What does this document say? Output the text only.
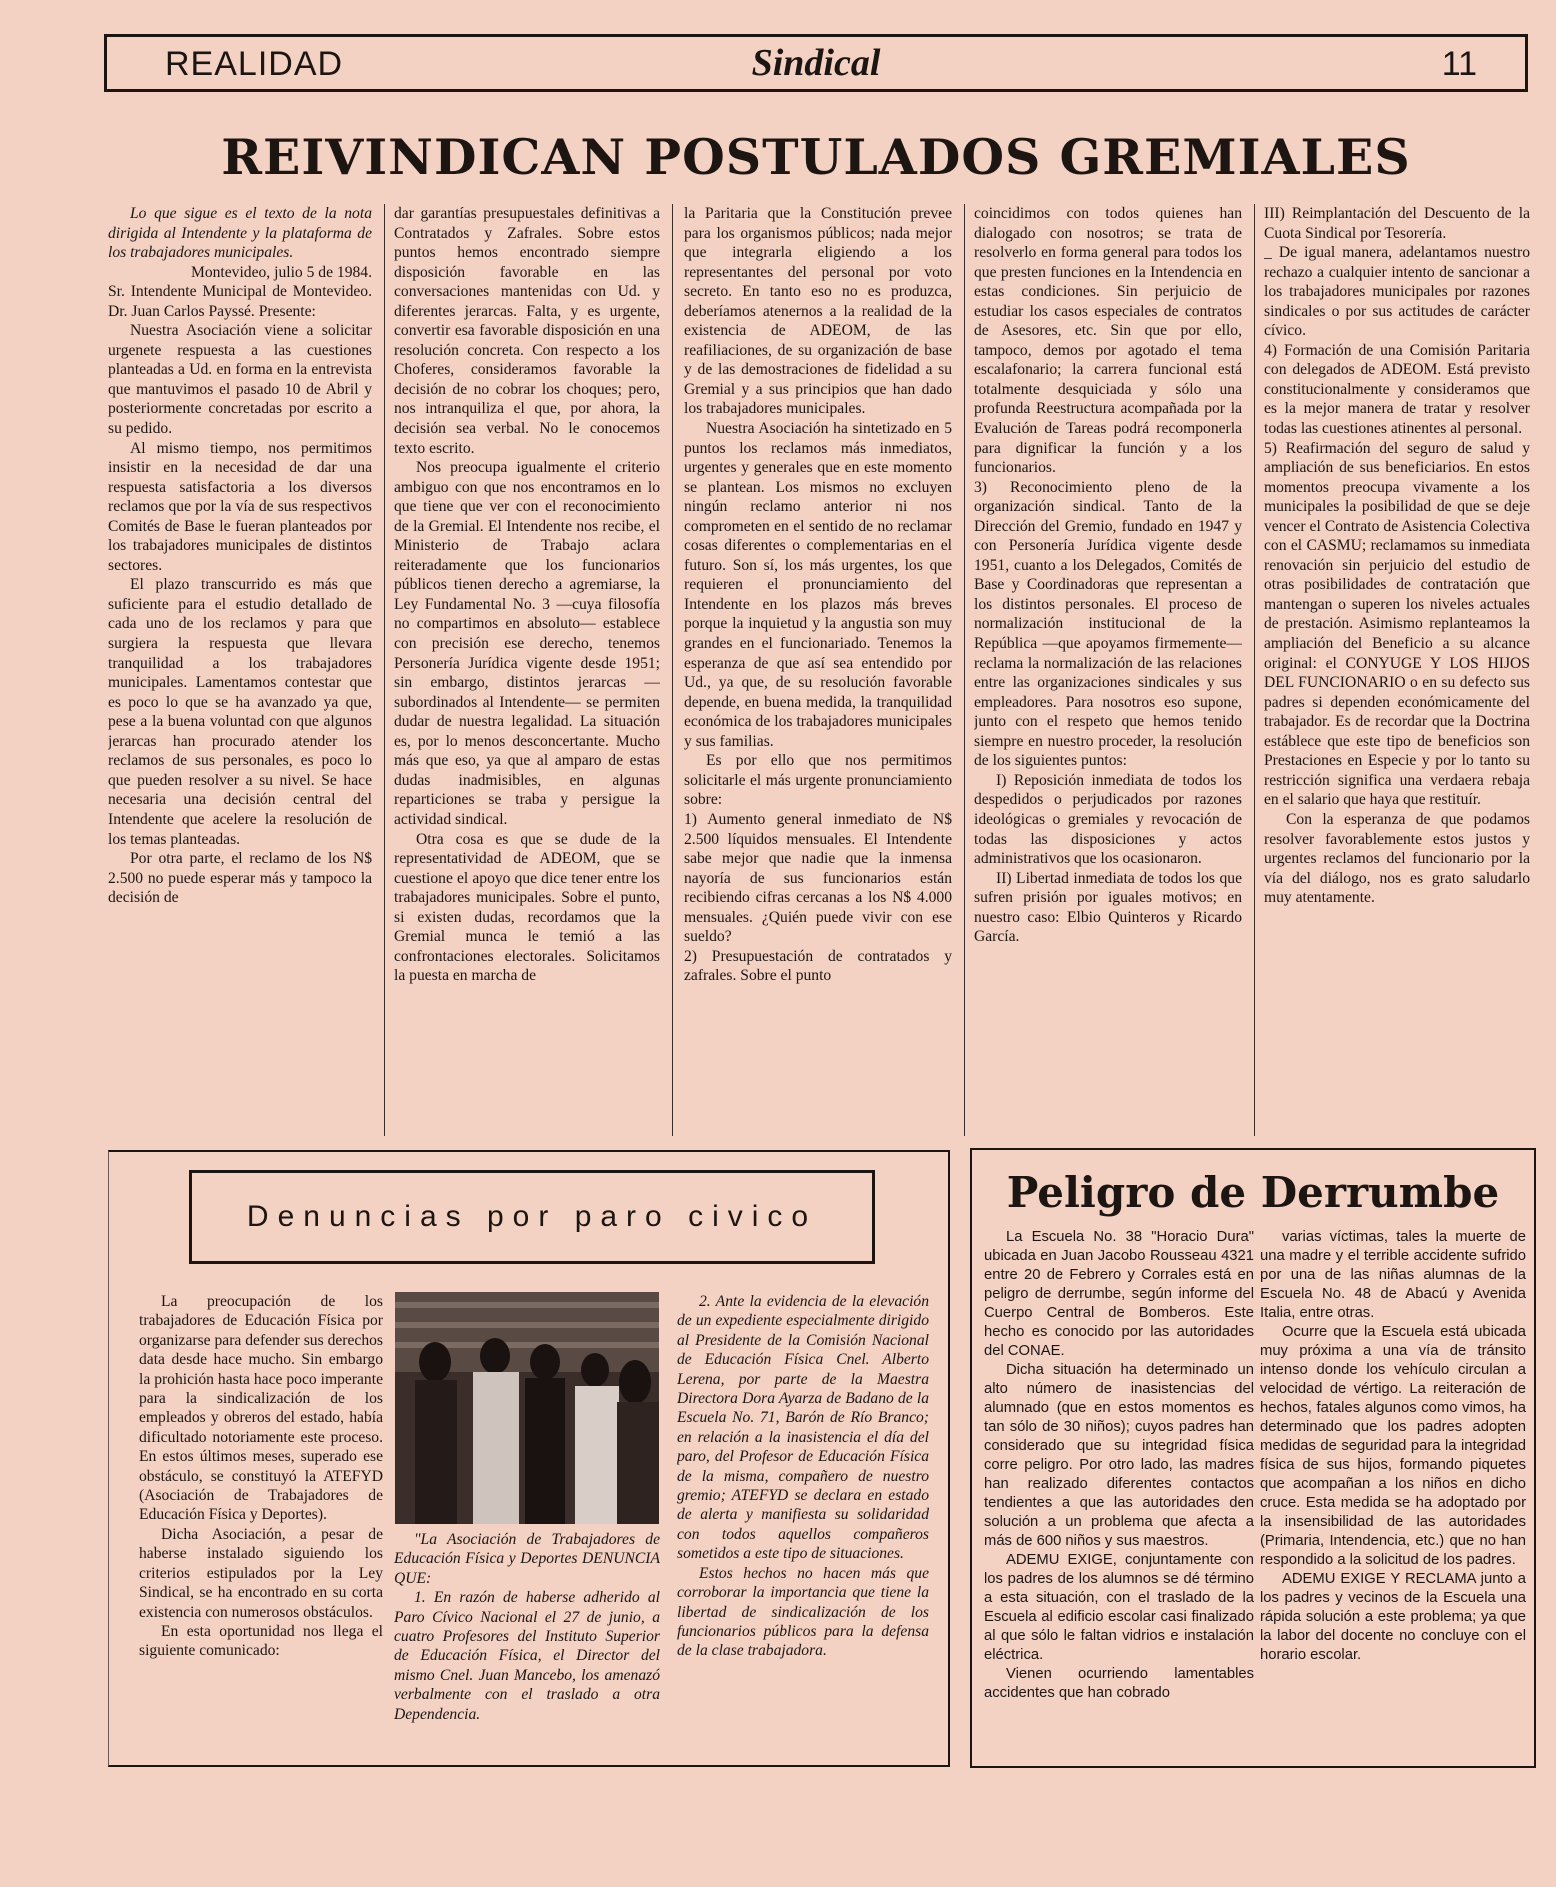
REALIDAD	Sindical	11
REIVINDICAN POSTULADOS GREMIALES

Lo que sigue es el texto de la nota dirigida al Intendente y la plataforma de los trabajadores municipales.

Montevideo, julio 5 de 1984.

Sr. Intendente Municipal de Montevideo. Dr. Juan Carlos Payssé. Presente:

Nuestra Asociación viene a solicitar urgenete respuesta a las cuestiones planteadas a Ud. en forma en la entrevista que mantuvimos el pasado 10 de Abril y posteriormente concretadas por escrito a su pedido.

Al mismo tiempo, nos permitimos insistir en la necesidad de dar una respuesta satisfactoria a los diversos reclamos que por la vía de sus respectivos Comités de Base le fueran planteados por los trabajadores municipales de distintos sectores.

El plazo transcurrido es más que suficiente para el estudio detallado de cada uno de los reclamos y para que surgiera la respuesta que llevara tranquilidad a los trabajadores municipales. Lamentamos contestar que es poco lo que se ha avanzado ya que, pese a la buena voluntad con que algunos jerarcas han procurado atender los reclamos de sus personales, es poco lo que pueden resolver a su nivel. Se hace necesaria una decisión central del Intendente que acelere la resolución de los temas planteadas.

Por otra parte, el reclamo de los N$ 2.500 no puede esperar más y tampoco la decisión de

dar garantías presupuestales definitivas a Contratados y Zafrales. Sobre estos puntos hemos encontrado siempre disposición favorable en las conversaciones mantenidas con Ud. y diferentes jerarcas. Falta, y es urgente, convertir esa favorable disposición en una resolución concreta. Con respecto a los Choferes, consideramos favorable la decisión de no cobrar los choques; pero, nos intranquiliza el que, por ahora, la decisión sea verbal. No le conocemos texto escrito.

Nos preocupa igualmente el criterio ambiguo con que nos encontramos en lo que tiene que ver con el reconocimiento de la Gremial. El Intendente nos recibe, el Ministerio de Trabajo aclara reiteradamente que los funcionarios públicos tienen derecho a agremiarse, la Ley Fundamental No. 3 —cuya filosofía no compartimos en absoluto— establece con precisión ese derecho, tenemos Personería Jurídica vigente desde 1951; sin embargo, distintos jerarcas —subordinados al Intendente— se permiten dudar de nuestra legalidad. La situación es, por lo menos desconcertante. Mucho más que eso, ya que al amparo de estas dudas inadmisibles, en algunas reparticiones se traba y persigue la actividad sindical.

Otra cosa es que se dude de la representatividad de ADEOM, que se cuestione el apoyo que dice tener entre los trabajadores municipales. Sobre el punto, si existen dudas, recordamos que la Gremial munca le temió a las confrontaciones electorales. Solicitamos la puesta en marcha de

la Paritaria que la Constitución prevee para los organismos públicos; nada mejor que integrarla eligiendo a los representantes del personal por voto secreto. En tanto eso no es produzca, deberíamos atenernos a la realidad de la existencia de ADEOM, de las reafiliaciones, de su organización de base y de las demostraciones de fidelidad a su Gremial y a sus principios que han dado los trabajadores municipales.

Nuestra Asociación ha sintetizado en 5 puntos los reclamos más inmediatos, urgentes y generales que en este momento se plantean. Los mismos no excluyen ningún reclamo anterior ni nos comprometen en el sentido de no reclamar cosas diferentes o complementarias en el futuro. Son sí, los más urgentes, los que requieren el pronunciamiento del Intendente en los plazos más breves porque la inquietud y la angustia son muy grandes en el funcionariado. Tenemos la esperanza de que así sea entendido por Ud., ya que, de su resolución favorable depende, en buena medida, la tranquilidad económica de los trabajadores municipales y sus familias.

Es por ello que nos permitimos solicitarle el más urgente pronunciamiento sobre:

1) Aumento general inmediato de N$ 2.500 líquidos mensuales. El Intendente sabe mejor que nadie que la inmensa nayoría de sus funcionarios están recibiendo cifras cercanas a los N$ 4.000 mensuales. ¿Quién puede vivir con ese sueldo?

2) Presupuestación de contratados y zafrales. Sobre el punto

coincidimos con todos quienes han dialogado con nosotros; se trata de resolverlo en forma general para todos los que presten funciones en la Intendencia en estas condiciones. Sin perjuicio de estudiar los casos especiales de contratos de Asesores, etc. Sin que por ello, tampoco, demos por agotado el tema escalafonario; la carrera funcional está totalmente desquiciada y sólo una profunda Reestructura acompañada por la Evalución de Tareas podrá recomponerla para dignificar la función y a los funcionarios.

3) Reconocimiento pleno de la organización sindical. Tanto de la Dirección del Gremio, fundado en 1947 y con Personería Jurídica vigente desde 1951, cuanto a los Delegados, Comités de Base y Coordinadoras que representan a los distintos personales. El proceso de normalización institucional de la República —que apoyamos firmemente— reclama la normalización de las relaciones entre las organizaciones sindicales y sus empleadores. Para nosotros eso supone, junto con el respeto que hemos tenido siempre en nuestro proceder, la resolución de los siguientes puntos:

I) Reposición inmediata de todos los despedidos o perjudicados por razones ideológicas o gremiales y revocación de todas las disposiciones y actos administrativos que los ocasionaron.

II) Libertad inmediata de todos los que sufren prisión por iguales motivos; en nuestro caso: Elbio Quinteros y Ricardo García.

III) Reimplantación del Descuento de la Cuota Sindical por Tesorería.

_ De igual manera, adelantamos nuestro rechazo a cualquier intento de sancionar a los trabajadores municipales por razones sindicales o por sus actitudes de carácter cívico.

4) Formación de una Comisión Paritaria con delegados de ADEOM. Está previsto constitucionalmente y consideramos que es la mejor manera de tratar y resolver todas las cuestiones atinentes al personal.

5) Reafirmación del seguro de salud y ampliación de sus beneficiarios. En estos momentos preocupa vivamente a los municipales la posibilidad de que se deje vencer el Contrato de Asistencia Colectiva con el CASMU; reclamamos su inmediata renovación sin perjuicio del estudio de otras posibilidades de contratación que mantengan o superen los niveles actuales de prestación. Asimismo replanteamos la ampliación del Beneficio a su alcance original: el CONYUGE Y LOS HIJOS DEL FUNCIONARIO o en su defecto sus padres si dependen económicamente del trabajador. Es de recordar que la Doctrina estáblece que este tipo de beneficios son Prestaciones en Especie y por lo tanto su restricción significa una verdaera rebaja en el salario que haya que restituír.

Con la esperanza de que podamos resolver favorablemente estos justos y urgentes reclamos del funcionario por la vía del diálogo, nos es grato saludarlo muy atentamente.

Denuncias por paro civico

La preocupación de los trabajadores de Educación Física por organizarse para defender sus derechos data desde hace mucho. Sin embargo la prohición hasta hace poco imperante para la sindicalización de los empleados y obreros del estado, había dificultado notoriamente este proceso. En estos últimos meses, superado ese obstáculo, se constituyó la ATEFYD (Asociación de Trabajadores de Educación Física y Deportes).

Dicha Asociación, a pesar de haberse instalado siguiendo los criterios estipulados por la Ley Sindical, se ha encontrado en su corta existencia con numerosos obstáculos.

En esta oportunidad nos llega el siguiente comunicado:

"La Asociación de Trabajadores de Educación Física y Deportes DENUNCIA QUE:

1. En razón de haberse adherido al Paro Cívico Nacional el 27 de junio, a cuatro Profesores del Instituto Superior de Educación Física, el Director del mismo Cnel. Juan Mancebo, los amenazó verbalmente con el traslado a otra Dependencia.

2. Ante la evidencia de la elevación de un expediente especialmente dirigido al Presidente de la Comisión Nacional de Educación Física Cnel. Alberto Lerena, por parte de la Maestra Directora Dora Ayarza de Badano de la Escuela No. 71, Barón de Río Branco; en relación a la inasistencia el día del paro, del Profesor de Educación Física de la misma, compañero de nuestro gremio; ATEFYD se declara en estado de alerta y manifiesta su solidaridad con todos aquellos compañeros sometidos a este tipo de situaciones.

Estos hechos no hacen más que corroborar la importancia que tiene la libertad de sindicalización de los funcionarios públicos para la defensa de la clase trabajadora.

Peligro de Derrumbe

La Escuela No. 38 "Horacio Dura" ubicada en Juan Jacobo Rousseau 4321 entre 20 de Febrero y Corrales está en peligro de derrumbe, según informe del Cuerpo Central de Bomberos. Este hecho es conocido por las autoridades del CONAE.

Dicha situación ha determinado un alto número de inasistencias del alumnado (que en estos momentos es tan sólo de 30 niños); cuyos padres han considerado que su integridad física corre peligro. Por otro lado, las madres han realizado diferentes contactos tendientes a que las autoridades den solución a un problema que afecta a más de 600 niños y sus maestros.

ADEMU EXIGE, conjuntamente con los padres de los alumnos se dé término a esta situación, con el traslado de la Escuela al edificio escolar casi finalizado al que sólo le faltan vidrios e instalación eléctrica.

Vienen ocurriendo lamentables accidentes que han cobrado

varias víctimas, tales la muerte de una madre y el terrible accidente sufrido por una de las niñas alumnas de la Escuela No. 48 de Abacú y Avenida Italia, entre otras.

Ocurre que la Escuela está ubicada muy próxima a una vía de tránsito intenso donde los vehículo circulan a velocidad de vértigo. La reiteración de hechos, fatales algunos como vimos, ha determinado que los padres adopten medidas de seguridad para la integridad física de sus hijos, formando piquetes que acompañan a los niños en dicho cruce. Esta medida se ha adoptado por la insensibilidad de las autoridades (Primaria, Intendencia, etc.) que no han respondido a la solicitud de los padres.

ADEMU EXIGE Y RECLAMA junto a los padres y vecinos de la Escuela una rápida solución a este problema; ya que la labor del docente no concluye con el horario escolar.
